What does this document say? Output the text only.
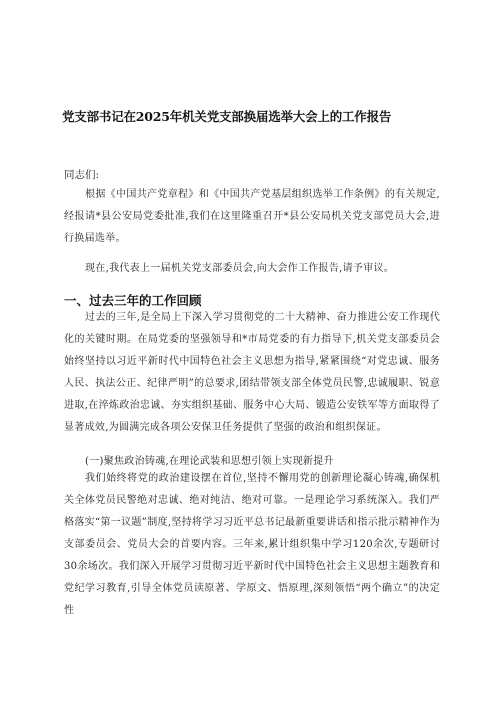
党支部书记在2025年机关党支部换届选举大会上的工作报告
同志们:
根据《中国共产党章程》和《中国共产党基层组织选举工作条例》的有关规定,经报请*县公安局党委批准,我们在这里隆重召开*县公安局机关党支部党员大会,进行换届选举。
现在,我代表上一届机关党支部委员会,向大会作工作报告,请予审议。
一、过去三年的工作回顾
过去的三年,是全局上下深入学习贯彻党的二十大精神、奋力推进公安工作现代化的关键时期。在局党委的坚强领导和*市局党委的有力指导下,机关党支部委员会始终坚持以习近平新时代中国特色社会主义思想为指导,紧紧围绕“对党忠诚、服务人民、执法公正、纪律严明”的总要求,团结带领支部全体党员民警,忠诚履职、锐意进取,在淬炼政治忠诚、夯实组织基础、服务中心大局、锻造公安铁军等方面取得了显著成效,为圆满完成各项公安保卫任务提供了坚强的政治和组织保证。
(一)聚焦政治铸魂,在理论武装和思想引领上实现新提升
我们始终将党的政治建设摆在首位,坚持不懈用党的创新理论凝心铸魂,确保机关全体党员民警绝对忠诚、绝对纯洁、绝对可靠。一是理论学习系统深入。我们严格落实“第一议题”制度,坚持将学习习近平总书记最新重要讲话和指示批示精神作为支部委员会、党员大会的首要内容。三年来,累计组织集中学习120余次,专题研讨30余场次。我们深入开展学习贯彻习近平新时代中国特色社会主义思想主题教育和党纪学习教育,引导全体党员读原著、学原文、悟原理,深刻领悟“两个确立”的决定性
